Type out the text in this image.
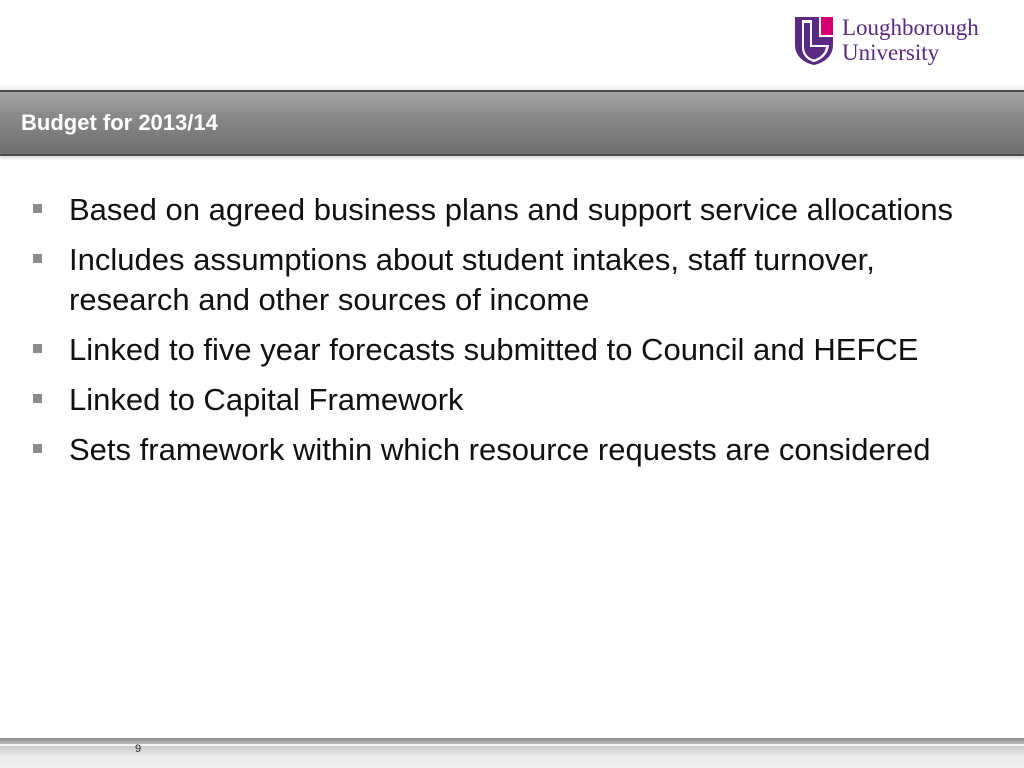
Loughborough
University
Budget for 2013/14
Based on agreed business plans and support service allocations
Includes assumptions about student intakes, staff turnover, research and other sources of income
Linked to five year forecasts submitted to Council and HEFCE
Linked to Capital Framework
Sets framework within which resource requests are considered
9
